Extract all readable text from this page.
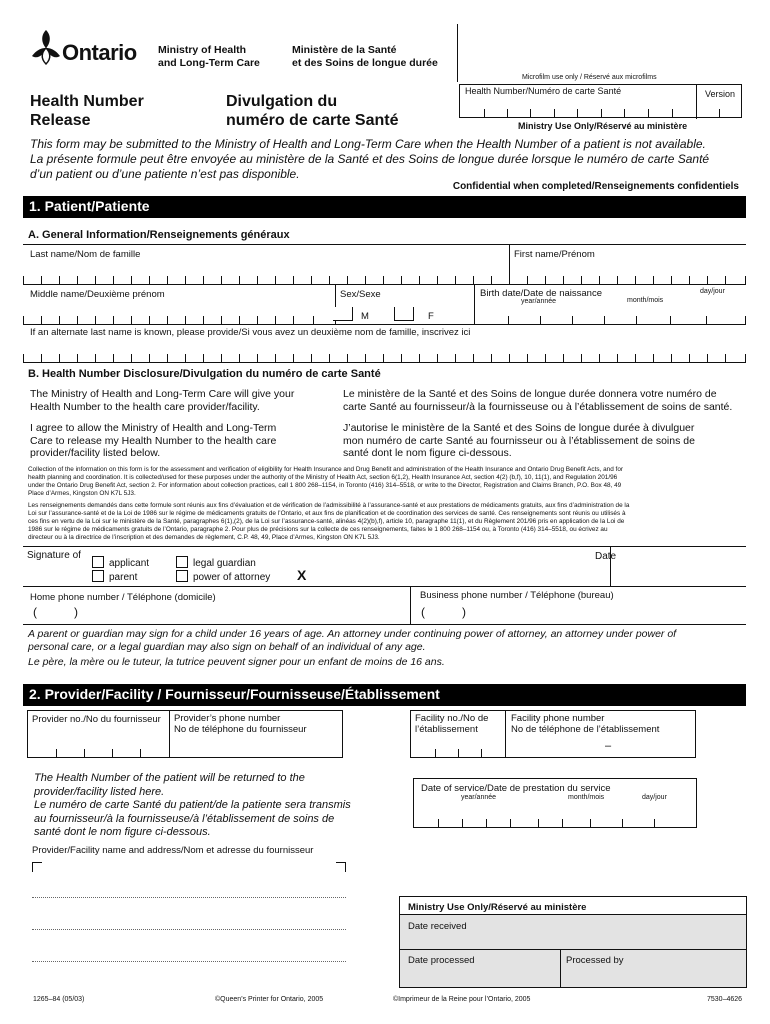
Ontario Ministry of Health
and Long-Term Care
Ministère de la Santé
et des Soins de longue durée
Health Number
Release
Divulgation du
numéro de carte Santé
Microfilm use only / Réservé aux microfilms
Health Number/Numéro de carte Santé	Version
Ministry Use Only/Réservé au ministère
This form may be submitted to the Ministry of Health and Long-Term Care when the Health Number of a patient is not available.
La présente formule peut être envoyée au ministère de la Santé et des Soins de longue durée lorsque le numéro de carte Santé
d’un patient ou d’une patiente n’est pas disponible.
Confidential when completed/Renseignements confidentiels
1. Patient/Patiente
A. General Information/Renseignements généraux
Last name/Nom de famille	First name/Prénom
Middle name/Deuxième prénom	Sex/Sexe	Birth date/Date de naissance
year/année	month/mois
day/jour
M	F
If an alternate last name is known, please provide/Si vous avez un deuxième nom de famille, inscrivez ici
B. Health Number Disclosure/Divulgation du numéro de carte Santé
The Ministry of Health and Long-Term Care will give your
Health Number to the health care provider/facility.
Le ministère de la Santé et des Soins de longue durée donnera votre numéro de
carte Santé au fournisseur/à la fournisseuse ou à l’établissement de soins de santé.
I agree to allow the Ministry of Health and Long-Term
Care to release my Health Number to the health care
provider/facility listed below.
J’autorise le ministère de la Santé et des Soins de longue durée à divulguer
mon numéro de carte Santé au fournisseur ou à l’établissement de soins de
santé dont le nom figure ci-dessous.
Collection of the information on this form is for the assessment and verification of eligibility for Health Insurance and Drug Benefit and administration of the Health Insurance and Ontario Drug Benefit Acts, and for
health planning and coordination. It is collected/used for these purposes under the authority of the Ministry of Health Act, section 6(1,2), Health Insurance Act, section 4(2) (b,f), 10, 11(1), and Regulation 201/96
under the Ontario Drug Benefit Act, section 2. For information about collection practices, call 1 800 268–1154, in Toronto (416) 314–5518, or write to the Director, Registration and Claims Branch, P.O. Box 48, 49
Place d’Armes, Kingston ON K7L 5J3.
Les renseignements demandés dans cette formule sont réunis aux fins d’évaluation et de vérification de l’admissibilité à l’assurance-santé et aux prestations de médicaments gratuits, aux fins d’administration de la
Loi sur l’assurance-santé et de la Loi de 1986 sur le régime de médicaments gratuits de l’Ontario, et aux fins de planification et de coordination des services de santé. Ces renseignements sont réunis ou utilisés à
ces fins en vertu de la Loi sur le ministère de la Santé, paragraphes 6(1),(2), de la Loi sur l’assurance-santé, alinéas 4(2)(b),f), article 10, paragraphe 11(1), et du Règlement 201/96 pris en application de la Loi de
1986 sur le régime de médicaments gratuits de l’Ontario, paragraphe 2. Pour plus de précisions sur la collecte de ces renseignements, faites le 1 800 268–1154 ou, à Toronto (416) 314–5518, ou écrivez au
directeur ou à la directrice de l’inscription et des demandes de règlement, C.P. 48, 49, Place d’Armes, Kingston ON K7L 5J3.
Signature of
applicant
parent
legal guardian
power of attorney X
Date
Home phone number / Téléphone (domicile)
(	)
Business phone number / Téléphone (bureau)
(	)
A parent or guardian may sign for a child under 16 years of age. An attorney under continuing power of attorney, an attorney under power of
personal care, or a legal guardian may also sign on behalf of an individual of any age.
Le père, la mère ou le tuteur, la tutrice peuvent signer pour un enfant de moins de 16 ans.
2. Provider/Facility / Fournisseur/Fournisseuse/Établissement
Provider no./No du fournisseur Provider’s phone number
No de téléphone du fournisseur
Facility no./No de
l’établissement
Facility phone number
No de téléphone de l’établissement
–
The Health Number of the patient will be returned to the
provider/facility listed here.
Le numéro de carte Santé du patient/de la patiente sera transmis
au fournisseur/à la fournisseuse/à l’établissement de soins de
santé dont le nom figure ci-dessous.
Date of service/Date de prestation du service
year/année	month/mois	day/jour
Provider/Facility name and address/Nom et adresse du fournisseur
Ministry Use Only/Réservé au ministère
Date received
Date processed	Processed by
1265–84 (05/03)	©Queen’s Printer for Ontario, 2005	©Imprimeur de la Reine pour l’Ontario, 2005	7530–4626
